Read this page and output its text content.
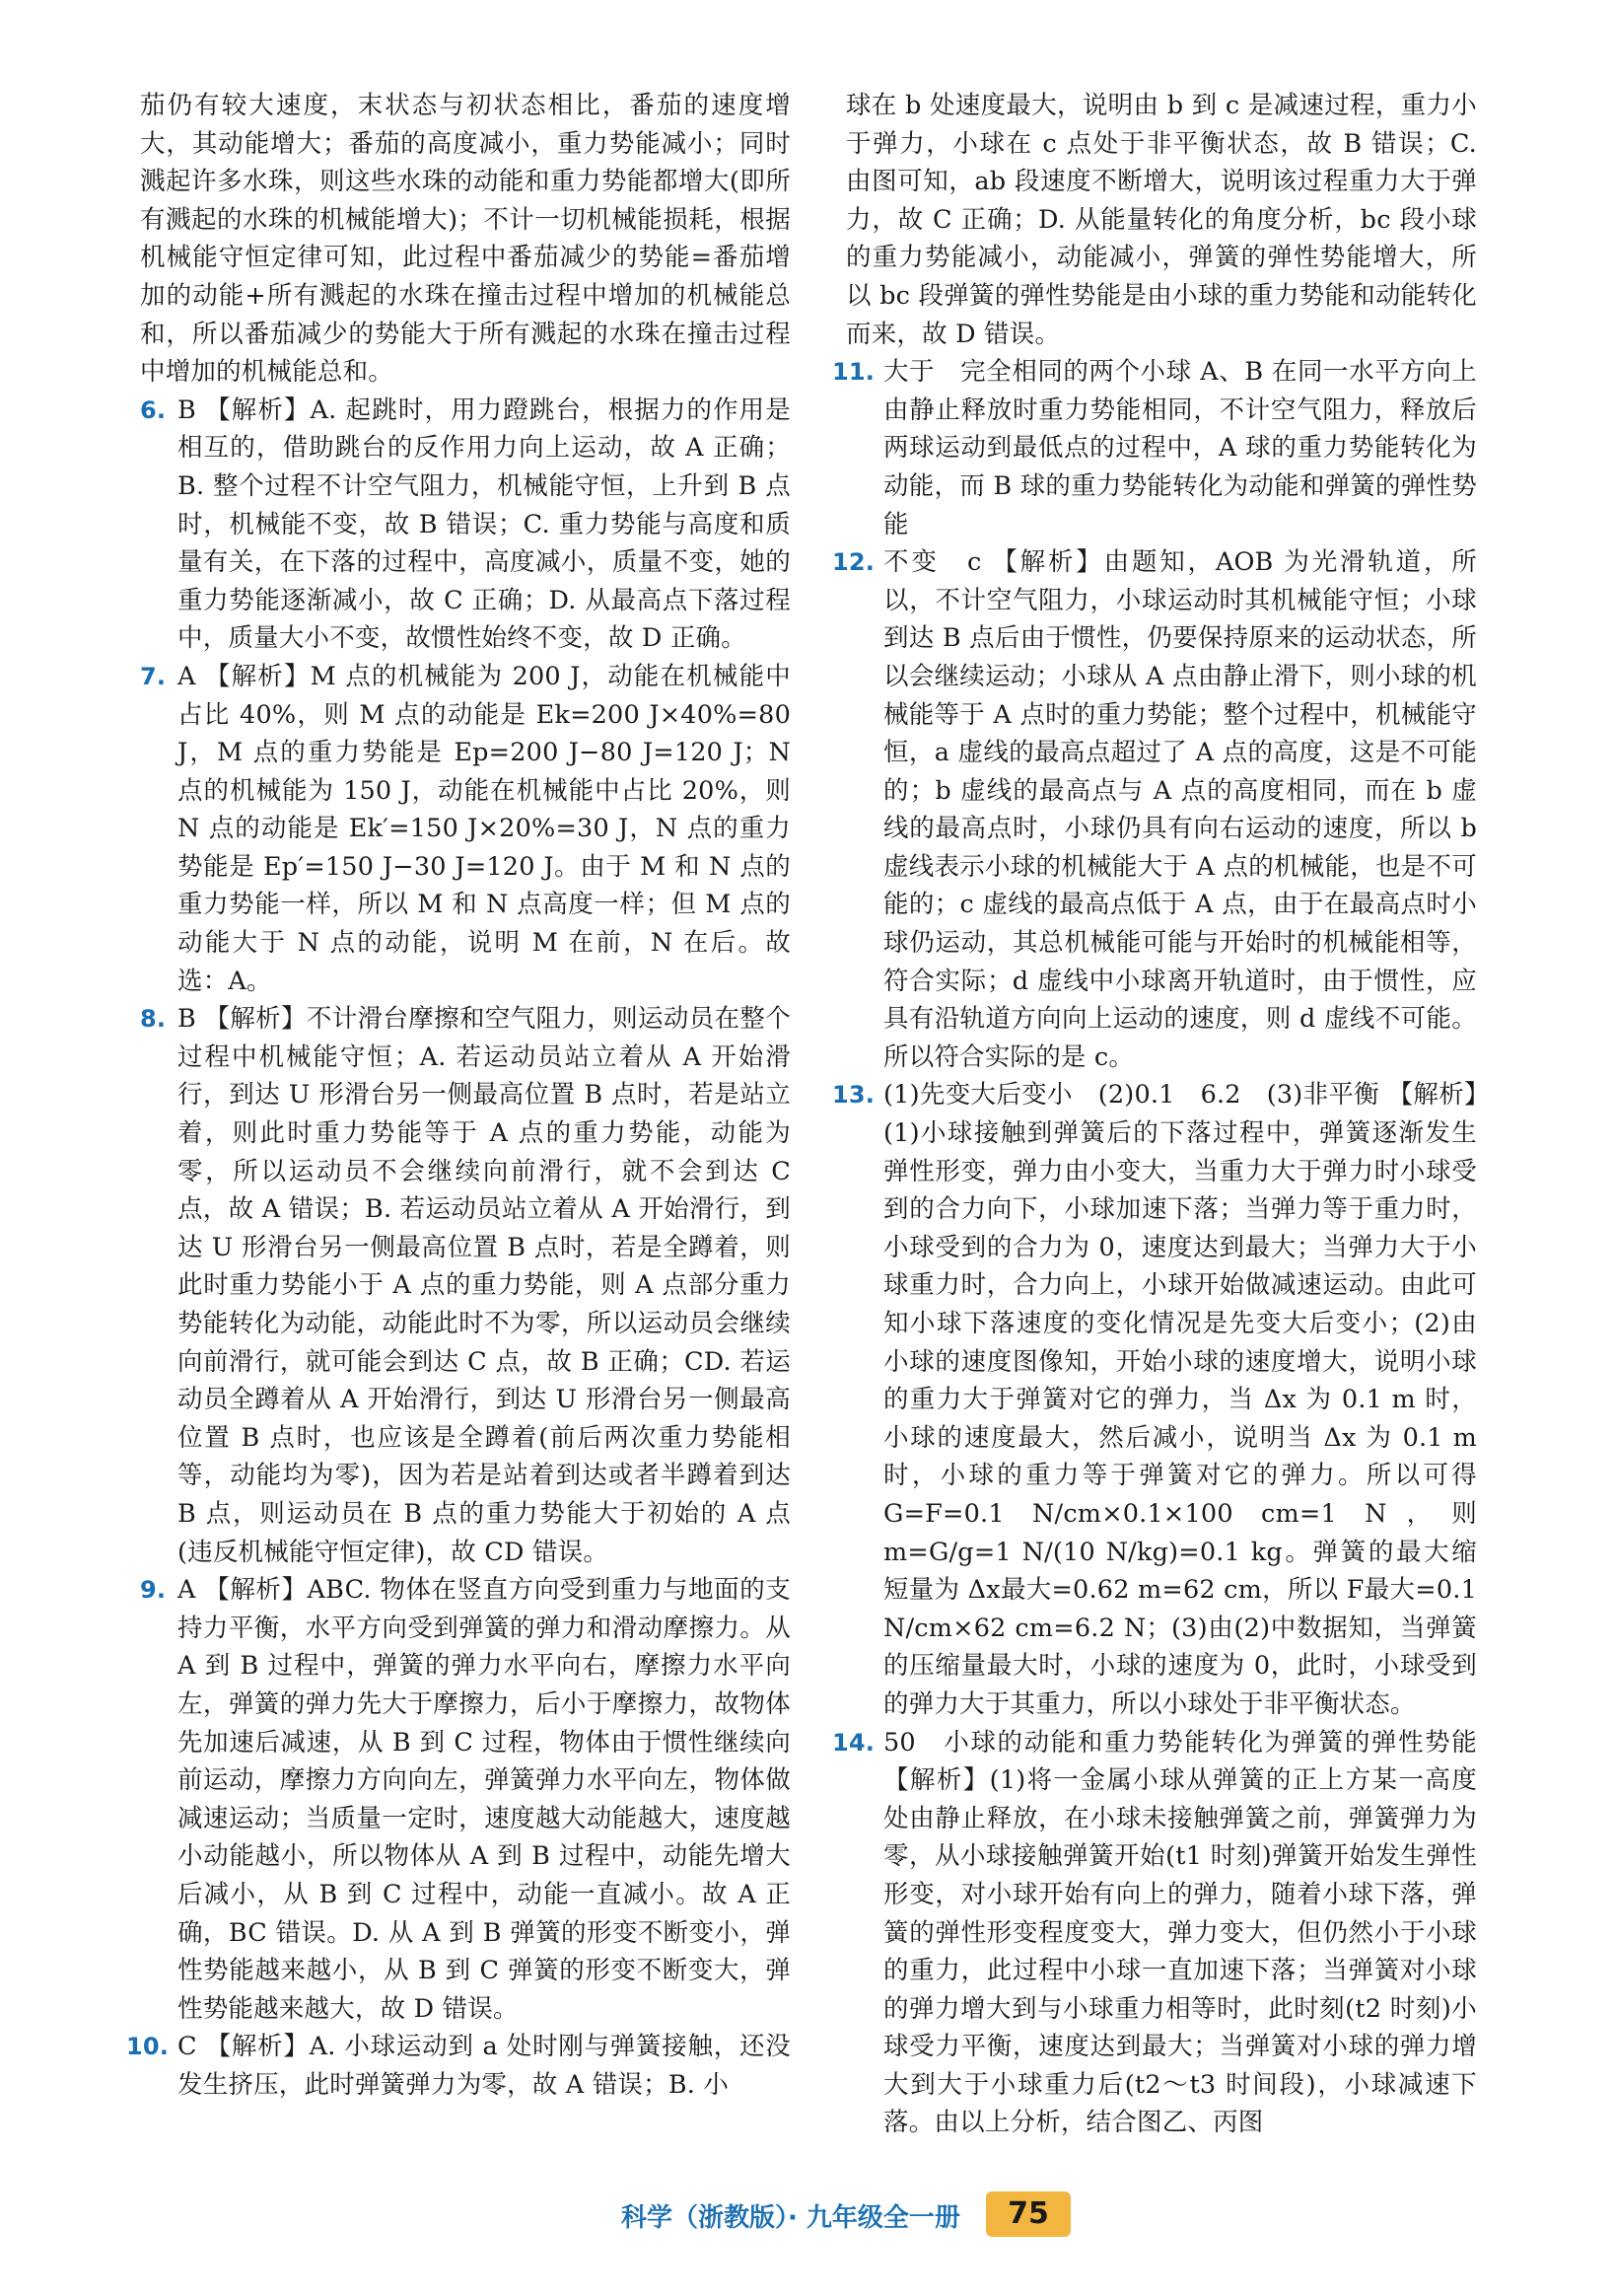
茄仍有较大速度，末状态与初状态相比，番茄的速度增大，其动能增大；番茄的高度减小，重力势能减小；同时溅起许多水珠，则这些水珠的动能和重力势能都增大(即所有溅起的水珠的机械能增大)；不计一切机械能损耗，根据机械能守恒定律可知，此过程中番茄减少的势能=番茄增加的动能+所有溅起的水珠在撞击过程中增加的机械能总和，所以番茄减少的势能大于所有溅起的水珠在撞击过程中增加的机械能总和。
6. B 【解析】A. 起跳时，用力蹬跳台，根据力的作用是相互的，借助跳台的反作用力向上运动，故 A 正确；B. 整个过程不计空气阻力，机械能守恒，上升到 B 点时，机械能不变，故 B 错误；C. 重力势能与高度和质量有关，在下落的过程中，高度减小，质量不变，她的重力势能逐渐减小，故 C 正确；D. 从最高点下落过程中，质量大小不变，故惯性始终不变，故 D 正确。
7. A 【解析】M 点的机械能为 200 J，动能在机械能中占比 40%，则 M 点的动能是 Ek=200 J×40%=80 J，M 点的重力势能是 Ep=200 J−80 J=120 J；N 点的机械能为 150 J，动能在机械能中占比 20%，则 N 点的动能是 Ek′=150 J×20%=30 J，N 点的重力势能是 Ep′=150 J−30 J=120 J。由于 M 和 N 点的重力势能一样，所以 M 和 N 点高度一样；但 M 点的动能大于 N 点的动能，说明 M 在前，N 在后。故选：A。
8. B 【解析】不计滑台摩擦和空气阻力，则运动员在整个过程中机械能守恒；A. 若运动员站立着从 A 开始滑行，到达 U 形滑台另一侧最高位置 B 点时，若是站立着，则此时重力势能等于 A 点的重力势能，动能为零，所以运动员不会继续向前滑行，就不会到达 C 点，故 A 错误；B. 若运动员站立着从 A 开始滑行，到达 U 形滑台另一侧最高位置 B 点时，若是全蹲着，则此时重力势能小于 A 点的重力势能，则 A 点部分重力势能转化为动能，动能此时不为零，所以运动员会继续向前滑行，就可能会到达 C 点，故 B 正确；CD. 若运动员全蹲着从 A 开始滑行，到达 U 形滑台另一侧最高位置 B 点时，也应该是全蹲着(前后两次重力势能相等，动能均为零)，因为若是站着到达或者半蹲着到达 B 点，则运动员在 B 点的重力势能大于初始的 A 点(违反机械能守恒定律)，故 CD 错误。
9. A 【解析】ABC. 物体在竖直方向受到重力与地面的支持力平衡，水平方向受到弹簧的弹力和滑动摩擦力。从 A 到 B 过程中，弹簧的弹力水平向右，摩擦力水平向左，弹簧的弹力先大于摩擦力，后小于摩擦力，故物体先加速后减速，从 B 到 C 过程，物体由于惯性继续向前运动，摩擦力方向向左，弹簧弹力水平向左，物体做减速运动；当质量一定时，速度越大动能越大，速度越小动能越小，所以物体从 A 到 B 过程中，动能先增大后减小，从 B 到 C 过程中，动能一直减小。故 A 正确，BC 错误。D. 从 A 到 B 弹簧的形变不断变小，弹性势能越来越小，从 B 到 C 弹簧的形变不断变大，弹性势能越来越大，故 D 错误。
10. C 【解析】A. 小球运动到 a 处时刚与弹簧接触，还没发生挤压，此时弹簧弹力为零，故 A 错误；B. 小
球在 b 处速度最大，说明由 b 到 c 是减速过程，重力小于弹力，小球在 c 点处于非平衡状态，故 B 错误；C. 由图可知，ab 段速度不断增大，说明该过程重力大于弹力，故 C 正确；D. 从能量转化的角度分析，bc 段小球的重力势能减小，动能减小，弹簧的弹性势能增大，所以 bc 段弹簧的弹性势能是由小球的重力势能和动能转化而来，故 D 错误。
11. 大于　完全相同的两个小球 A、B 在同一水平方向上由静止释放时重力势能相同，不计空气阻力，释放后两球运动到最低点的过程中，A 球的重力势能转化为动能，而 B 球的重力势能转化为动能和弹簧的弹性势能
12. 不变　c 【解析】由题知，AOB 为光滑轨道，所以，不计空气阻力，小球运动时其机械能守恒；小球到达 B 点后由于惯性，仍要保持原来的运动状态，所以会继续运动；小球从 A 点由静止滑下，则小球的机械能等于 A 点时的重力势能；整个过程中，机械能守恒，a 虚线的最高点超过了 A 点的高度，这是不可能的；b 虚线的最高点与 A 点的高度相同，而在 b 虚线的最高点时，小球仍具有向右运动的速度，所以 b 虚线表示小球的机械能大于 A 点的机械能，也是不可能的；c 虚线的最高点低于 A 点，由于在最高点时小球仍运动，其总机械能可能与开始时的机械能相等，符合实际；d 虚线中小球离开轨道时，由于惯性，应具有沿轨道方向向上运动的速度，则 d 虚线不可能。所以符合实际的是 c。
13. (1)先变大后变小　(2)0.1　6.2　(3)非平衡 【解析】(1)小球接触到弹簧后的下落过程中，弹簧逐渐发生弹性形变，弹力由小变大，当重力大于弹力时小球受到的合力向下，小球加速下落；当弹力等于重力时，小球受到的合力为 0，速度达到最大；当弹力大于小球重力时，合力向上，小球开始做减速运动。由此可知小球下落速度的变化情况是先变大后变小；(2)由小球的速度图像知，开始小球的速度增大，说明小球的重力大于弹簧对它的弹力，当 Δx 为 0.1 m 时，小球的速度最大，然后减小，说明当 Δx 为 0.1 m 时，小球的重力等于弹簧对它的弹力。所以可得 G=F=0.1 N/cm×0.1×100 cm=1 N，则 m=G/g=1 N/(10 N/kg)=0.1 kg。弹簧的最大缩短量为 Δx最大=0.62 m=62 cm，所以 F最大=0.1 N/cm×62 cm=6.2 N；(3)由(2)中数据知，当弹簧的压缩量最大时，小球的速度为 0，此时，小球受到的弹力大于其重力，所以小球处于非平衡状态。
14. 50　小球的动能和重力势能转化为弹簧的弹性势能 【解析】(1)将一金属小球从弹簧的正上方某一高度处由静止释放，在小球未接触弹簧之前，弹簧弹力为零，从小球接触弹簧开始(t1 时刻)弹簧开始发生弹性形变，对小球开始有向上的弹力，随着小球下落，弹簧的弹性形变程度变大，弹力变大，但仍然小于小球的重力，此过程中小球一直加速下落；当弹簧对小球的弹力增大到与小球重力相等时，此时刻(t2 时刻)小球受力平衡，速度达到最大；当弹簧对小球的弹力增大到大于小球重力后(t2～t3 时间段)，小球减速下落。由以上分析，结合图乙、丙图
科学（浙教版）· 九年级全一册	75
